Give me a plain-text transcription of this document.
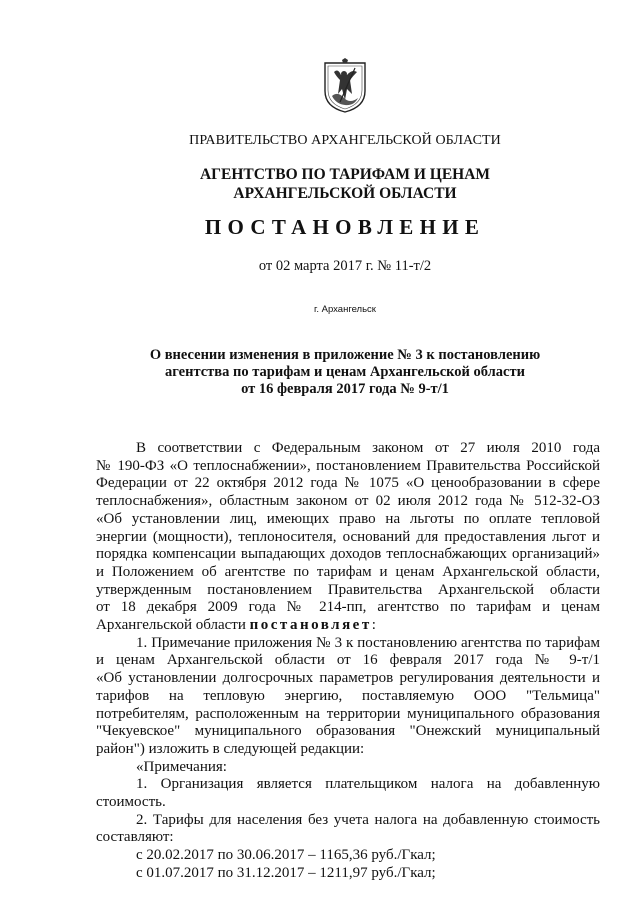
ПРАВИТЕЛЬСТВО АРХАНГЕЛЬСКОЙ ОБЛАСТИ
АГЕНТСТВО ПО ТАРИФАМ И ЦЕНАМ
АРХАНГЕЛЬСКОЙ ОБЛАСТИ
ПОСТАНОВЛЕНИЕ
от 02 марта 2017 г. № 11-т/2
г. Архангельск
О внесении изменения в приложение № 3 к постановлению
агентства по тарифам и ценам Архангельской области
от 16 февраля 2017 года № 9-т/1
В соответствии с Федеральным законом от 27 июля 2010 года
№ 190-ФЗ «О теплоснабжении», постановлением Правительства Российской
Федерации от 22 октября 2012 года № 1075 «О ценообразовании в сфере
теплоснабжения», областным законом от 02 июля 2012 года № 512-32-ОЗ
«Об установлении лиц, имеющих право на льготы по оплате тепловой
энергии (мощности), теплоносителя, оснований для предоставления льгот и
порядка компенсации выпадающих доходов теплоснабжающих организаций»
и Положением об агентстве по тарифам и ценам Архангельской области,
утвержденным постановлением Правительства Архангельской области
от 18 декабря 2009 года № 214-пп, агентство по тарифам и ценам
Архангельской области постановляет:
1. Примечание приложения № 3 к постановлению агентства по тарифам
и ценам Архангельской области от 16 февраля 2017 года № 9-т/1
«Об установлении долгосрочных параметров регулирования деятельности и
тарифов на тепловую энергию, поставляемую ООО "Тельмица"
потребителям, расположенным на территории муниципального образования
"Чекуевское" муниципального образования "Онежский муниципальный
район") изложить в следующей редакции:
«Примечания:
1. Организация является плательщиком налога на добавленную
стоимость.
2. Тарифы для населения без учета налога на добавленную стоимость
составляют:
с 20.02.2017 по 30.06.2017 – 1165,36 руб./Гкал;
с 01.07.2017 по 31.12.2017 – 1211,97 руб./Гкал;
